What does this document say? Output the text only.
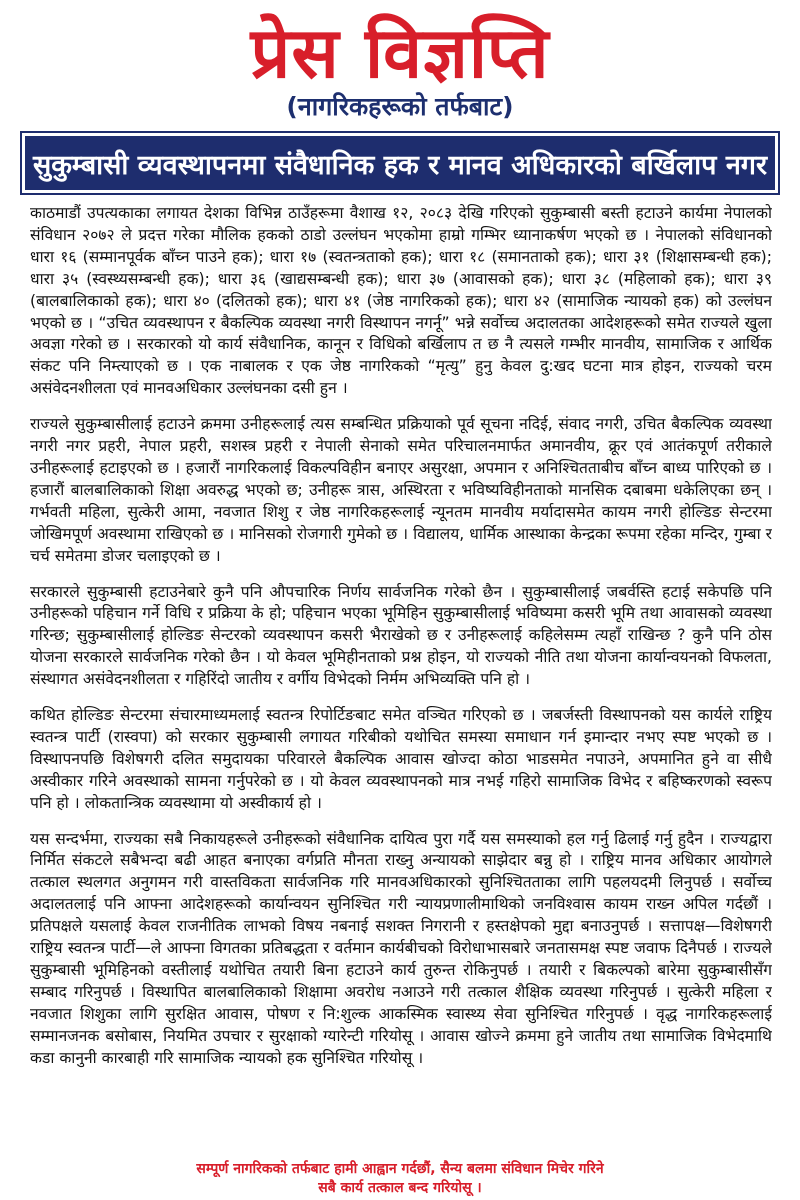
प्रेस विज्ञप्ति
(नागरिकहरूको तर्फबाट)
सुकुम्बासी व्यवस्थापनमा संवैधानिक हक र मानव अधिकारको बर्खिलाप नगर

काठमाडौं उपत्यकाका लगायत देशका विभिन्न ठाउँहरूमा वैशाख १२, २०८३ देखि गरिएको सुकुम्बासी बस्ती हटाउने कार्यमा नेपालको संविधान २०७२ ले प्रदत्त गरेका मौलिक हकको ठाडो उल्लंघन भएकोमा हाम्रो गम्भिर ध्यानाकर्षण भएको छ । नेपालको संविधानको धारा १६ (सम्मानपूर्वक बाँच्न पाउने हक); धारा १७ (स्वतन्त्रताको हक); धारा १८ (समानताको हक); धारा ३१ (शिक्षासम्बन्धी हक); धारा ३५ (स्वस्थ्यसम्बन्धी हक); धारा ३६ (खाद्यसम्बन्धी हक); धारा ३७ (आवासको हक); धारा ३८ (महिलाको हक); धारा ३९ (बालबालिकाको हक); धारा ४० (दलितको हक); धारा ४१ (जेष्ठ नागरिकको हक); धारा ४२ (सामाजिक न्यायको हक) को उल्लंघन भएको छ । “उचित व्यवस्थापन र बैकल्पिक व्यवस्था नगरी विस्थापन नगर्नू” भन्ने सर्वोच्च अदालतका आदेशहरूको समेत राज्यले खुला अवज्ञा गरेको छ । सरकारको यो कार्य संवैधानिक, कानून र विधिको बर्खिलाप त छ नै त्यसले गम्भीर मानवीय, सामाजिक र आर्थिक संकट पनि निम्त्याएको छ । एक नाबालक र एक जेष्ठ नागरिकको “मृत्यु” हुनु केवल दु:खद घटना मात्र होइन, राज्यको चरम असंवेदनशीलता एवं मानवअधिकार उल्लंघनका दसी हुन ।

राज्यले सुकुम्बासीलाई हटाउने क्रममा उनीहरूलाई त्यस सम्बन्धित प्रक्रियाको पूर्व सूचना नदिई, संवाद नगरी, उचित बैकल्पिक व्यवस्था नगरी नगर प्रहरी, नेपाल प्रहरी, सशस्त्र प्रहरी र नेपाली सेनाको समेत परिचालनमार्फत अमानवीय, क्रूर एवं आतंकपूर्ण तरीकाले उनीहरूलाई हटाइएको छ । हजारौं नागरिकलाई विकल्पविहीन बनाएर असुरक्षा, अपमान र अनिश्चितताबीच बाँच्न बाध्य पारिएको छ । हजारौं बालबालिकाको शिक्षा अवरुद्ध भएको छ; उनीहरू त्रास, अस्थिरता र भविष्यविहीनताको मानसिक दबाबमा धकेलिएका छन् । गर्भवती महिला, सुत्केरी आमा, नवजात शिशु र जेष्ठ नागरिकहरूलाई न्यूनतम मानवीय मर्यादासमेत कायम नगरी होल्डिङ सेन्टरमा जोखिमपूर्ण अवस्थामा राखिएको छ । मानिसको रोजगारी गुमेको छ । विद्यालय, धार्मिक आस्थाका केन्द्रका रूपमा रहेका मन्दिर, गुम्बा र चर्च समेतमा डोजर चलाइएको छ ।

सरकारले सुकुम्बासी हटाउनेबारे कुनै पनि औपचारिक निर्णय सार्वजनिक गरेको छैन । सुकुम्बासीलाई जबर्वस्ति हटाई सकेपछि पनि उनीहरूको पहिचान गर्ने विधि र प्रक्रिया के हो; पहिचान भएका भूमिहिन सुकुम्बासीलाई भविष्यमा कसरी भूमि तथा आवासको व्यवस्था गरिन्छ; सुकुम्बासीलाई होल्डिङ सेन्टरको व्यवस्थापन कसरी भैराखेको छ र उनीहरूलाई कहिलेसम्म त्यहाँ राखिन्छ ? कुनै पनि ठोस योजना सरकारले सार्वजनिक गरेको छैन । यो केवल भूमिहीनताको प्रश्न होइन, यो राज्यको नीति तथा योजना कार्यान्वयनको विफलता, संस्थागत असंवेदनशीलता र गहिरिंदो जातीय र वर्गीय विभेदको निर्मम अभिव्यक्ति पनि हो ।

कथित होल्डिङ सेन्टरमा संचारमाध्यमलाई स्वतन्त्र रिपोर्टिङबाट समेत वञ्चित गरिएको छ । जबर्जस्ती विस्थापनको यस कार्यले राष्ट्रिय स्वतन्त्र पार्टी (रास्वपा) को सरकार सुकुम्बासी लगायत गरिबीको यथोचित समस्या समाधान गर्न इमान्दार नभए स्पष्ट भएको छ । विस्थापनपछि विशेषगरी दलित समुदायका परिवारले बैकल्पिक आवास खोज्दा कोठा भाडसमेत नपाउने, अपमानित हुने वा सीधै अस्वीकार गरिने अवस्थाको सामना गर्नुपरेको छ । यो केवल व्यवस्थापनको मात्र नभई गहिरो सामाजिक विभेद र बहिष्करणको स्वरूप पनि हो । लोकतान्त्रिक व्यवस्थामा यो अस्वीकार्य हो ।

यस सन्दर्भमा, राज्यका सबै निकायहरूले उनीहरूको संवैधानिक दायित्व पुरा गर्दै यस समस्याको हल गर्नु ढिलाई गर्नु हुदैन । राज्यद्वारा निर्मित संकटले सबैभन्दा बढी आहत बनाएका वर्गप्रति मौनता राख्नु अन्यायको साझेदार बन्नु हो । राष्ट्रिय मानव अधिकार आयोगले तत्काल स्थलगत अनुगमन गरी वास्तविकता सार्वजनिक गरि मानवअधिकारको सुनिश्चितताका लागि पहलयदमी लिनुपर्छ । सर्वोच्च अदालतलाई पनि आफ्ना आदेशहरूको कार्यान्वयन सुनिश्चित गरी न्यायप्रणालीमाथिको जनविश्वास कायम राख्न अपिल गर्दछौं । प्रतिपक्षले यसलाई केवल राजनीतिक लाभको विषय नबनाई सशक्त निगरानी र हस्तक्षेपको मुद्दा बनाउनुपर्छ । सत्तापक्ष—विशेषगरी राष्ट्रिय स्वतन्त्र पार्टी—ले आफ्ना विगतका प्रतिबद्धता र वर्तमान कार्यबीचको विरोधाभासबारे जनतासमक्ष स्पष्ट जवाफ दिनैपर्छ । राज्यले सुकुम्बासी भूमिहिनको वस्तीलाई यथोचित तयारी बिना हटाउने कार्य तुरुन्त रोकिनुपर्छ । तयारी र बिकल्पको बारेमा सुकुम्बासीसँग सम्बाद गरिनुपर्छ । विस्थापित बालबालिकाको शिक्षामा अवरोध नआउने गरी तत्काल शैक्षिक व्यवस्था गरिनुपर्छ । सुत्केरी महिला र नवजात शिशुका लागि सुरक्षित आवास, पोषण र नि:शुल्क आकस्मिक स्वास्थ्य सेवा सुनिश्चित गरिनुपर्छ । वृद्ध नागरिकहरूलाई सम्मानजनक बसोबास, नियमित उपचार र सुरक्षाको ग्यारेन्टी गरियोसू । आवास खोज्ने क्रममा हुने जातीय तथा सामाजिक विभेदमाथि कडा कानुनी कारबाही गरि सामाजिक न्यायको हक सुनिश्चित गरियोसू ।

सम्पूर्ण नागरिकको तर्फबाट हामी आह्वान गर्दछौं, सैन्य बलमा संविधान मिचेर गरिने
सबै कार्य तत्काल बन्द गरियोसू ।
